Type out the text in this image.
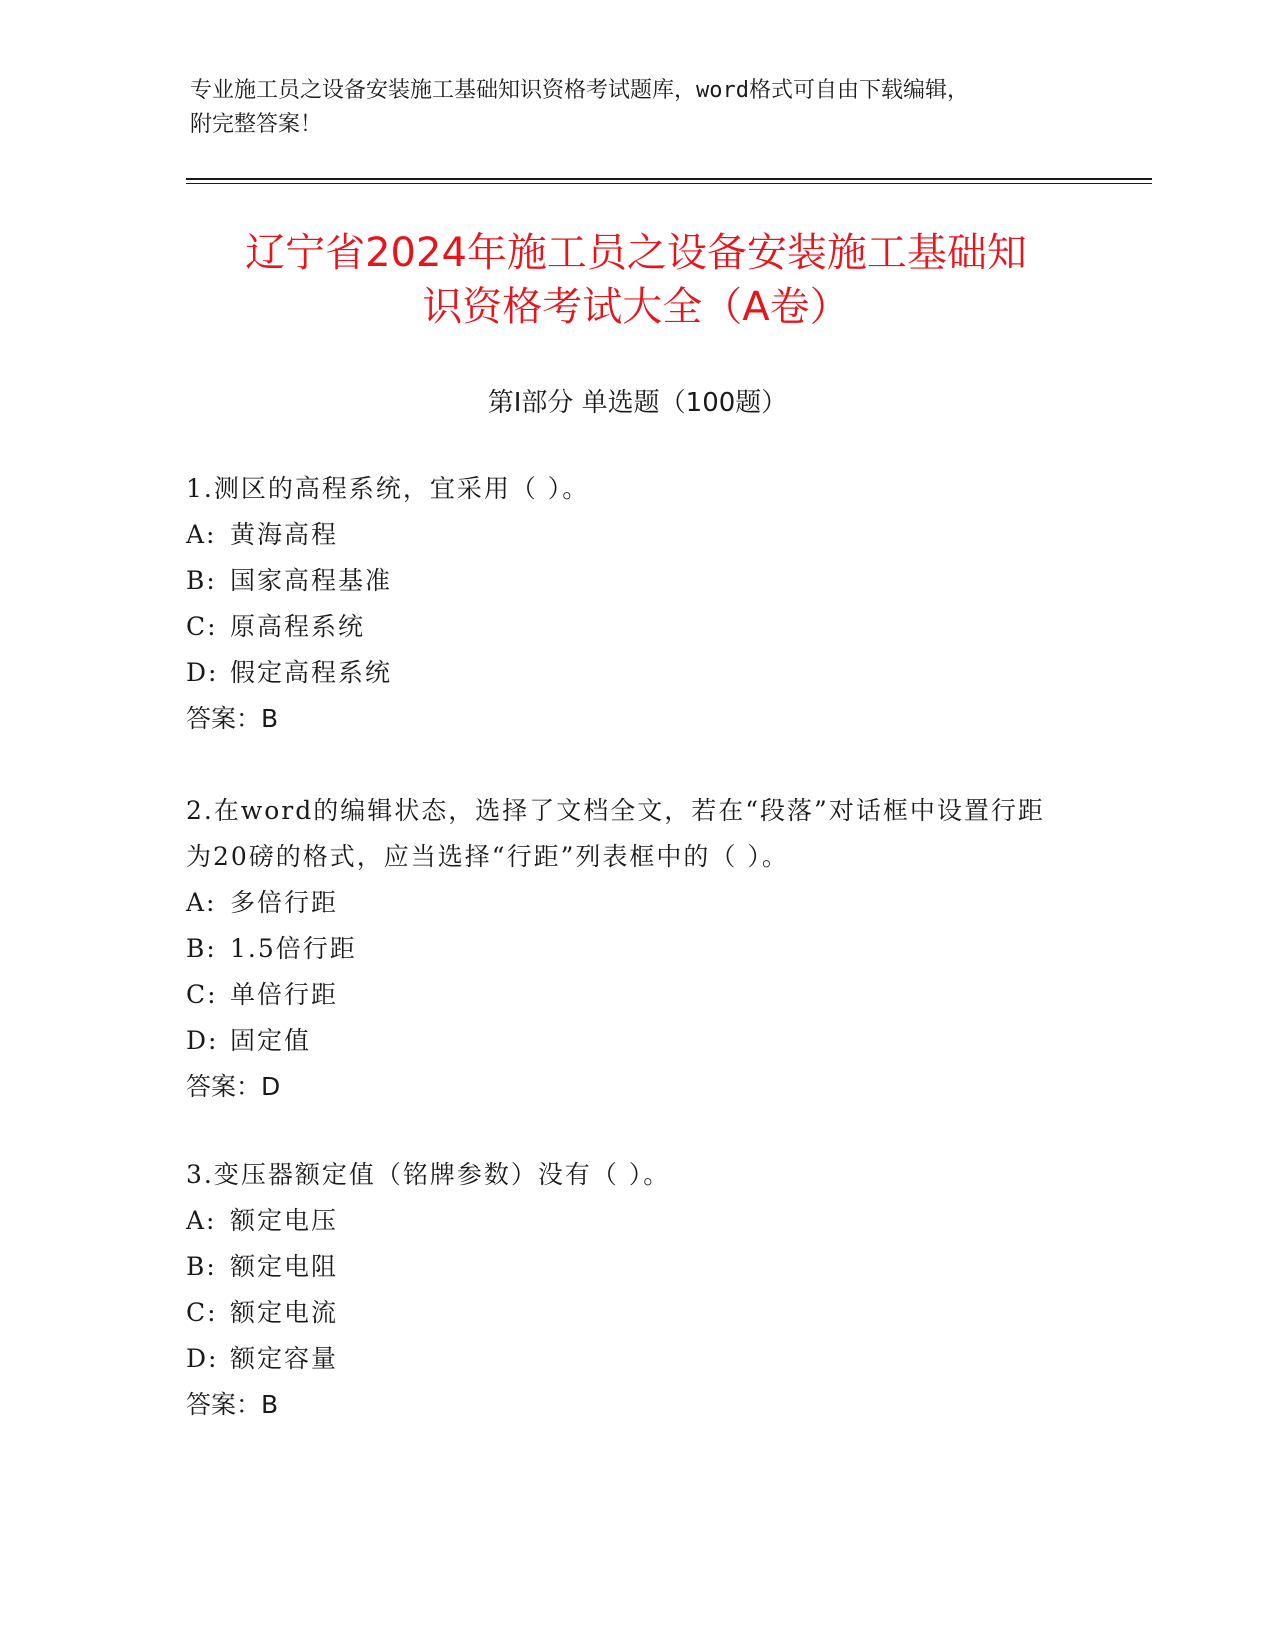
专业施工员之设备安装施工基础知识资格考试题库，word格式可自由下载编辑，
附完整答案！
辽宁省2024年施工员之设备安装施工基础知
识资格考试大全（A卷）
第Ⅰ部分 单选题（100题）
1.测区的高程系统，宜采用（ ）。
A: 黄海高程
B: 国家高程基准
C: 原高程系统
D: 假定高程系统
答案：B
2.在word的编辑状态，选择了文档全文，若在“段落”对话框中设置行距为20磅的格式，应当选择“行距”列表框中的（ ）。
A: 多倍行距
B: 1.5倍行距
C: 单倍行距
D: 固定值
答案：D
3.变压器额定值（铭牌参数）没有（ ）。
A: 额定电压
B: 额定电阻
C: 额定电流
D: 额定容量
答案：B
